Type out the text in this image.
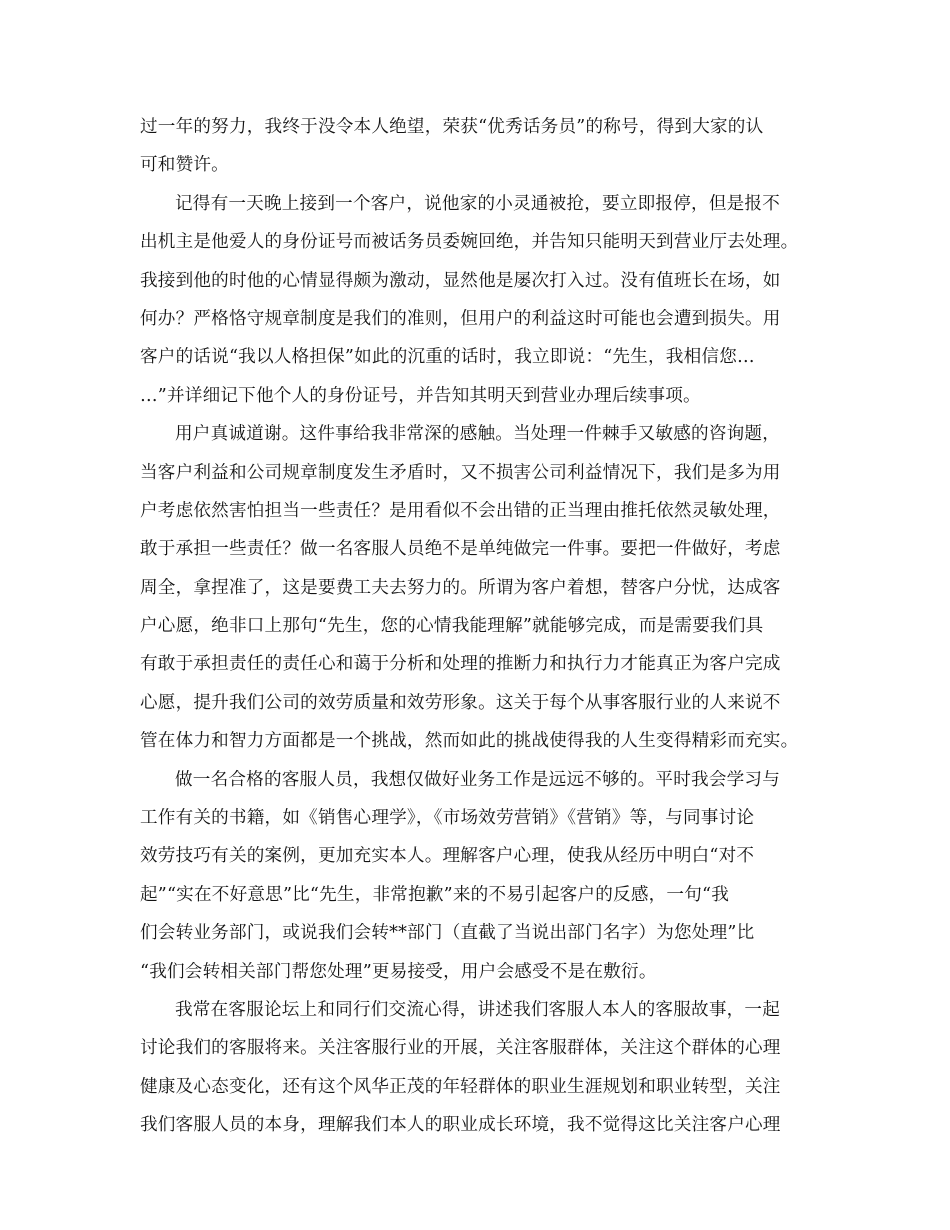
过一年的努力，我终于没令本人绝望，荣获“优秀话务员”的称号，得到大家的认
可和赞许。
记得有一天晚上接到一个客户，说他家的小灵通被抢，要立即报停，但是报不
出机主是他爱人的身份证号而被话务员委婉回绝，并告知只能明天到营业厅去处理。
我接到他的时他的心情显得颇为激动，显然他是屡次打入过。没有值班长在场，如
何办？严格恪守规章制度是我们的准则，但用户的利益这时可能也会遭到损失。用
客户的话说“我以人格担保”如此的沉重的话时，我立即说：“先生，我相信您…
…”并详细记下他个人的身份证号，并告知其明天到营业办理后续事项。
用户真诚道谢。这件事给我非常深的感触。当处理一件棘手又敏感的咨询题，
当客户利益和公司规章制度发生矛盾时，又不损害公司利益情况下，我们是多为用
户考虑依然害怕担当一些责任？是用看似不会出错的正当理由推托依然灵敏处理，
敢于承担一些责任？做一名客服人员绝不是单纯做完一件事。要把一件做好，考虑
周全，拿捏准了，这是要费工夫去努力的。所谓为客户着想，替客户分忧，达成客
户心愿，绝非口上那句“先生，您的心情我能理解”就能够完成，而是需要我们具
有敢于承担责任的责任心和蔼于分析和处理的推断力和执行力才能真正为客户完成
心愿，提升我们公司的效劳质量和效劳形象。这关于每个从事客服行业的人来说不
管在体力和智力方面都是一个挑战，然而如此的挑战使得我的人生变得精彩而充实。
做一名合格的客服人员，我想仅做好业务工作是远远不够的。平时我会学习与
工作有关的书籍，如《销售心理学》，《市场效劳营销》《营销》等，与同事讨论
效劳技巧有关的案例，更加充实本人。理解客户心理，使我从经历中明白“对不
起”“实在不好意思”比“先生，非常抱歉”来的不易引起客户的反感，一句“我
们会转业务部门，或说我们会转**部门（直截了当说出部门名字）为您处理”比
“我们会转相关部门帮您处理”更易接受，用户会感受不是在敷衍。
我常在客服论坛上和同行们交流心得，讲述我们客服人本人的客服故事，一起
讨论我们的客服将来。关注客服行业的开展，关注客服群体，关注这个群体的心理
健康及心态变化，还有这个风华正茂的年轻群体的职业生涯规划和职业转型，关注
我们客服人员的本身，理解我们本人的职业成长环境，我不觉得这比关注客户心理
